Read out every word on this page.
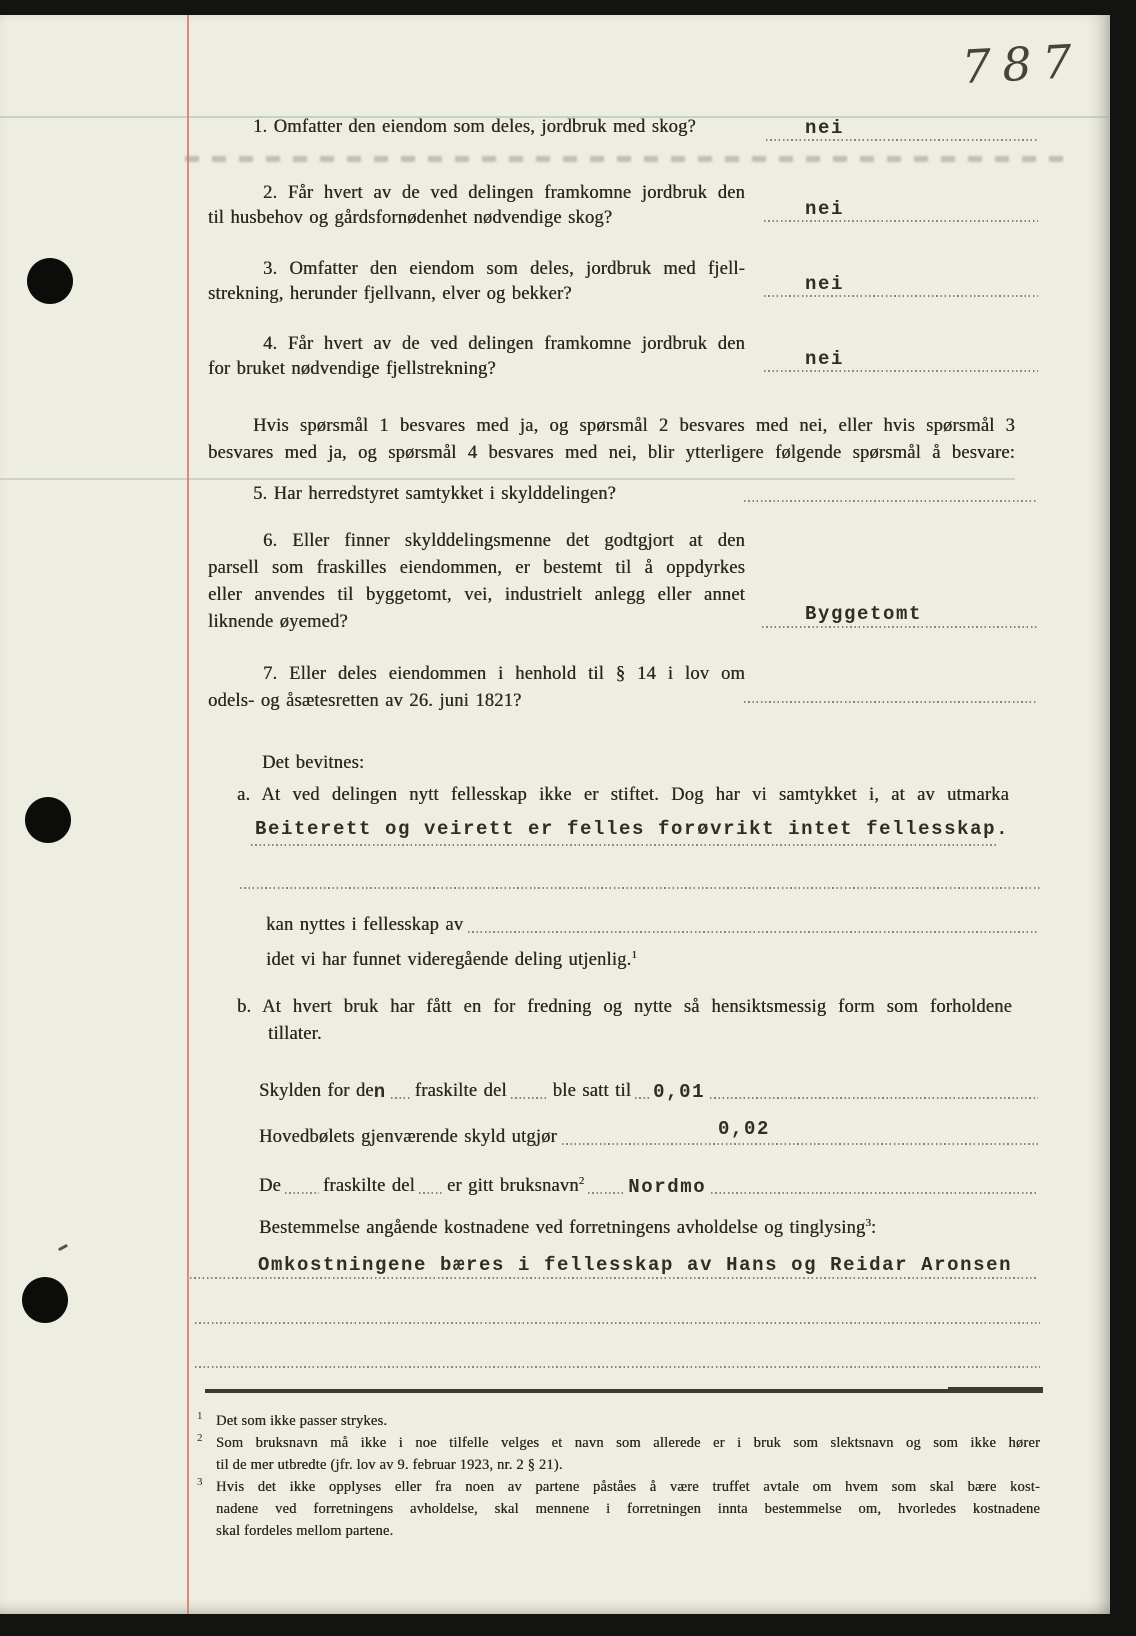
787
1. Omfatter den eiendom som deles, jordbruk med skog?	nei
2. Får hvert av de ved delingen framkomne jordbruk den
til husbehov og gårdsfornødenhet nødvendige skog?	nei
3. Omfatter den eiendom som deles, jordbruk med fjell-
strekning, herunder fjellvann, elver og bekker?	nei
4. Får hvert av de ved delingen framkomne jordbruk den
for bruket nødvendige fjellstrekning?	nei
Hvis spørsmål 1 besvares med ja, og spørsmål 2 besvares med nei, eller hvis spørsmål 3
besvares med ja, og spørsmål 4 besvares med nei, blir ytterligere følgende spørsmål å besvare:
5. Har herredstyret samtykket i skylddelingen?
6. Eller finner skylddelingsmenne det godtgjort at den
parsell som fraskilles eiendommen, er bestemt til å oppdyrkes
eller anvendes til byggetomt, vei, industrielt anlegg eller annet
liknende øyemed?	Byggetomt
7. Eller deles eiendommen i henhold til § 14 i lov om
odels- og åsætesretten av 26. juni 1821?
Det bevitnes:
a. At ved delingen nytt fellesskap ikke er stiftet. Dog har vi samtykket i, at av utmarka
Beiterett og veirett er felles forøvrikt intet fellesskap.
kan nyttes i fellesskap av
idet vi har funnet videregående deling utjenlig.$^1$
b. At hvert bruk har fått en for fredning og nytte så hensiktsmessig form som forholdene
tillater.
Skylden for de n fraskilte del ble satt til 0,01
Hovedbølets gjenværende skyld utgjør	0,02
De fraskilte del er gitt bruksnavn$^2$ Nordmo
Bestemmelse angående kostnadene ved forretningens avholdelse og tinglysing$^3$:
Omkostningene bæres i fellesskap av Hans og Reidar Aronsen
1 Det som ikke passer strykes.
2 Som bruksnavn må ikke i noe tilfelle velges et navn som allerede er i bruk som slektsnavn og som ikke hører
til de mer utbredte (jfr. lov av 9. februar 1923, nr. 2 § 21).
3 Hvis det ikke opplyses eller fra noen av partene påståes å være truffet avtale om hvem som skal bære kost-
nadene ved forretningens avholdelse, skal mennene i forretningen innta bestemmelse om, hvorledes kostnadene
skal fordeles mellom partene.
